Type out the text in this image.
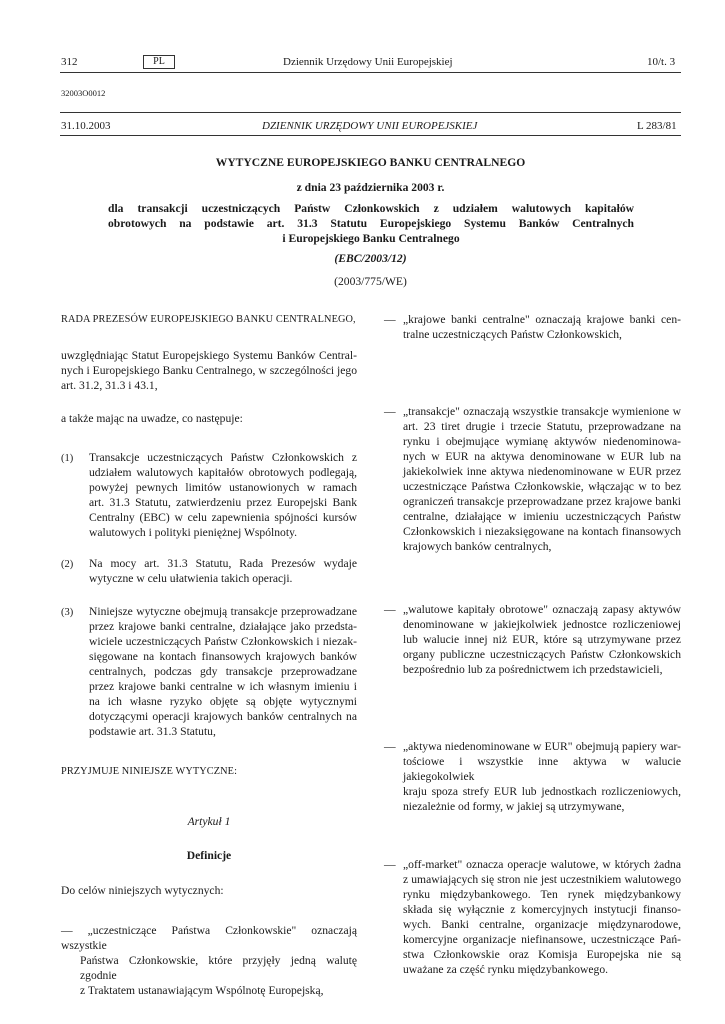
312	PL	Dziennik Urzędowy Unii Europejskiej	10/t. 3
32003O0012
31.10.2003	DZIENNIK URZĘDOWY UNII EUROPEJSKIEJ	L 283/81
WYTYCZNE EUROPEJSKIEGO BANKU CENTRALNEGO
z dnia 23 października 2003 r.
dla transakcji uczestniczących Państw Członkowskich z udziałem walutowych kapitałów
obrotowych na podstawie art. 31.3 Statutu Europejskiego Systemu Banków Centralnych
i Europejskiego Banku Centralnego
(EBC/2003/12)
(2003/775/WE)
RADA PREZESÓW EUROPEJSKIEGO BANKU CENTRALNEGO,
uwzględniając Statut Europejskiego Systemu Banków Central-
nych i Europejskiego Banku Centralnego, w szczególności jego
art. 31.2, 31.3 i 43.1,
a także mając na uwadze, co następuje:
(1) Transakcje uczestniczących Państw Członkowskich z
udziałem walutowych kapitałów obrotowych podlegają,
powyżej pewnych limitów ustanowionych w ramach
art. 31.3 Statutu, zatwierdzeniu przez Europejski Bank
Centralny (EBC) w celu zapewnienia spójności kursów
walutowych i polityki pieniężnej Wspólnoty.
(2) Na mocy art. 31.3 Statutu, Rada Prezesów wydaje
wytyczne w celu ułatwienia takich operacji.
(3) Niniejsze wytyczne obejmują transakcje przeprowadzane
przez krajowe banki centralne, działające jako przedsta-
wiciele uczestniczących Państw Członkowskich i niezak-
sięgowane na kontach finansowych krajowych banków
centralnych, podczas gdy transakcje przeprowadzane
przez krajowe banki centralne w ich własnym imieniu i
na ich własne ryzyko objęte są objęte wytycznymi
dotyczącymi operacji krajowych banków centralnych na
podstawie art. 31.3 Statutu,
PRZYJMUJE NINIEJSZE WYTYCZNE:
Artykuł 1
Definicje
Do celów niniejszych wytycznych:
— „uczestniczące Państwa Członkowskie" oznaczają wszystkie
Państwa Członkowskie, które przyjęły jedną walutę zgodnie
z Traktatem ustanawiającym Wspólnotę Europejską,
— „krajowe banki centralne" oznaczają krajowe banki cen-
tralne uczestniczących Państw Członkowskich,
— „transakcje" oznaczają wszystkie transakcje wymienione w
art. 23 tiret drugie i trzecie Statutu, przeprowadzane na
rynku i obejmujące wymianę aktywów niedenominowa-
nych w EUR na aktywa denominowane w EUR lub na
jakiekolwiek inne aktywa niedenominowane w EUR przez
uczestniczące Państwa Członkowskie, włączając w to bez
ograniczeń transakcje przeprowadzane przez krajowe banki
centralne, działające w imieniu uczestniczących Państw
Członkowskich i niezaksięgowane na kontach finansowych
krajowych banków centralnych,
— „walutowe kapitały obrotowe" oznaczają zapasy aktywów
denominowane w jakiejkolwiek jednostce rozliczeniowej
lub walucie innej niż EUR, które są utrzymywane przez
organy publiczne uczestniczących Państw Członkowskich
bezpośrednio lub za pośrednictwem ich przedstawicieli,
— „aktywa niedenominowane w EUR" obejmują papiery war-
tościowe i wszystkie inne aktywa w walucie jakiegokolwiek
kraju spoza strefy EUR lub jednostkach rozliczeniowych,
niezależnie od formy, w jakiej są utrzymywane,
— „off-market" oznacza operacje walutowe, w których żadna
z umawiających się stron nie jest uczestnikiem walutowego
rynku międzybankowego. Ten rynek międzybankowy
składa się wyłącznie z komercyjnych instytucji finanso-
wych. Banki centralne, organizacje międzynarodowe,
komercyjne organizacje niefinansowe, uczestniczące Pań-
stwa Członkowskie oraz Komisja Europejska nie są
uważane za część rynku międzybankowego.
